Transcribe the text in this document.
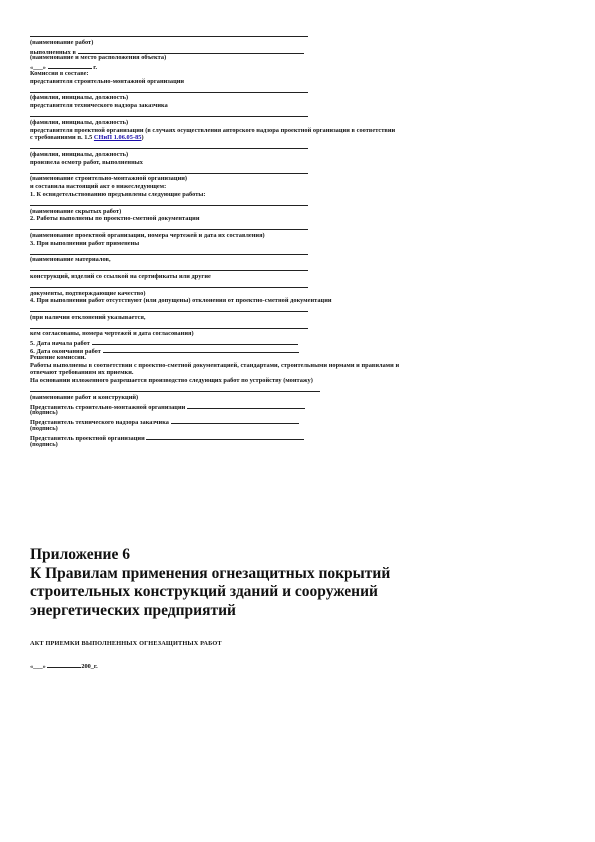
(наименование работ)
выполненных в
(наименование и место расположения объекта)
«___»	г.
Комиссия в составе:
представителя строительно-монтажной организации
(фамилия, инициалы, должность)
представителя технического надзора заказчика
(фамилия, инициалы, должность)
представителя проектной организации (в случаях осуществления авторского надзора проектной организации в соответствии
с требованиями п. 1.5 СНиП 1.06.05-85)
(фамилия, инициалы, должность)
произвела осмотр работ, выполненных
(наименование строительно-монтажной организации)
и составила настоящий акт о нижеследующем:
1. К освидетельствованию предъявлены следующие работы:
(наименование скрытых работ)
2. Работы выполнены по проектно-сметной документации
(наименование проектной организации, номера чертежей и дата их составления)
3. При выполнении работ применены
(наименование материалов,
конструкций, изделий со ссылкой на сертификаты или другие
документы, подтверждающие качество)
4. При выполнении работ отсутствуют (или допущены) отклонения от проектно-сметной документации
(при наличии отклонений указывается,
кем согласованы, номера чертежей и дата согласования)
5. Дата начала работ
6. Дата окончания работ
Решение комиссии.
Работы выполнены в соответствии с проектно-сметной документацией, стандартами, строительными нормами и правилами и
отвечают требованиям их приемки.
На основании изложенного разрешается производство следующих работ по устройству (монтажу)
(наименование работ и конструкций)
Представитель строительно-монтажной организации
(подпись)
Представитель технического надзора заказчика
(подпись)
Представитель проектной организации
(подпись)
Приложение 6
К Правилам применения огнезащитных покрытий
строительных конструкций зданий и сооружений
энергетических предприятий
АКТ ПРИЕМКИ ВЫПОЛНЕННЫХ ОГНЕЗАЩИТНЫХ РАБОТ
«___»	200_г.
